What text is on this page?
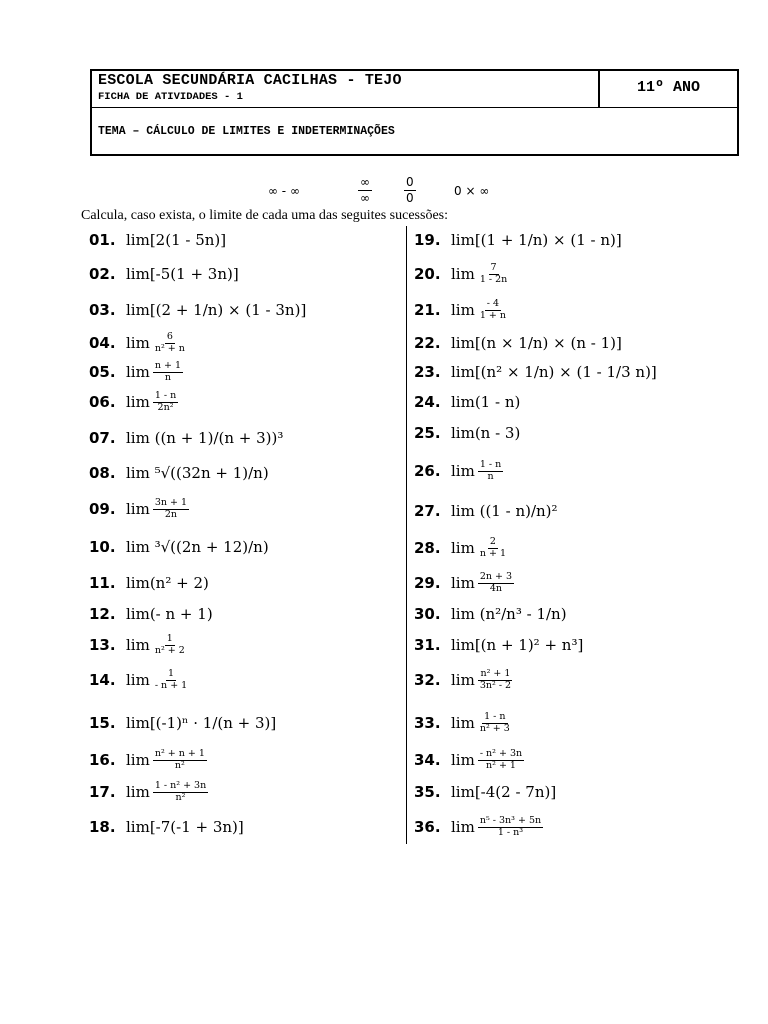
ESCOLA SECUNDÁRIA CACILHAS - TEJO
FICHA DE ATIVIDADES - 1
11º ANO
TEMA – CÁLCULO DE LIMITES E INDETERMINAÇÕES
∞ - ∞	$\frac{\infty}{\infty}$	$\frac{0}{0}$	0 × ∞
Calcula, caso exista, o limite de cada uma das seguites sucessões:
01. lim[2(1 - 5n)]
02. lim[-5(1 + 3n)]
03. lim[(2 + 1/n) × (1 - 3n)]
04. $\lim \frac{6}{\text{n² + n}}$
05. $\lim \frac{n + 1}{n}$
06. $\lim \frac{1 - n}{\text{2n²}}$
07. lim ((n + 1)/(n + 3))³
08. lim ⁵√((32n + 1)/n)
09. $\lim \frac{3n + 1}{2n}$
10. lim ³√((2n + 12)/n)
11. lim(n² + 2)
12. lim(- n + 1)
13. $\lim \frac{1}{\text{n² + 2}}$
14. $\lim \frac{1}{- n + 1}$
15. lim[(-1)ⁿ · 1/(n + 3)]
16. $\lim \frac{\text{n² + n + 1}}{\text{n²}}$
17. $\lim \frac{\text{1 - n² + 3n}}{\text{n²}}$
18. lim[-7(-1 + 3n)]
19. lim[(1 + 1/n) × (1 - n)]
20. $\lim \frac{7}{1 - 2n}$
21. $\lim \frac{- 4}{1 + n}$
22. lim[(n × 1/n) × (n - 1)]
23. lim[(n² × 1/n) × (1 - 1/3 n)]
24. lim(1 - n)
25. lim(n - 3)
26. $\lim \frac{1 - n}{n}$
27. lim ((1 - n)/n)²
28. $\lim \frac{2}{n + 1}$
29. $\lim \frac{2n + 3}{4n}$
30. lim (n²/n³ - 1/n)
31. lim[(n + 1)² + n³]
32. $\lim \frac{\text{n² + 1}}{\text{3n² - 2}}$
33. $\lim \frac{1 - n}{\text{n² + 3}}$
34. $\lim \frac{\text{- n² + 3n}}{\text{n² + 1}}$
35. lim[-4(2 - 7n)]
36. $\lim \frac{\text{n⁵ - 3n³ + 5n}}{\text{1 - n³}}$
